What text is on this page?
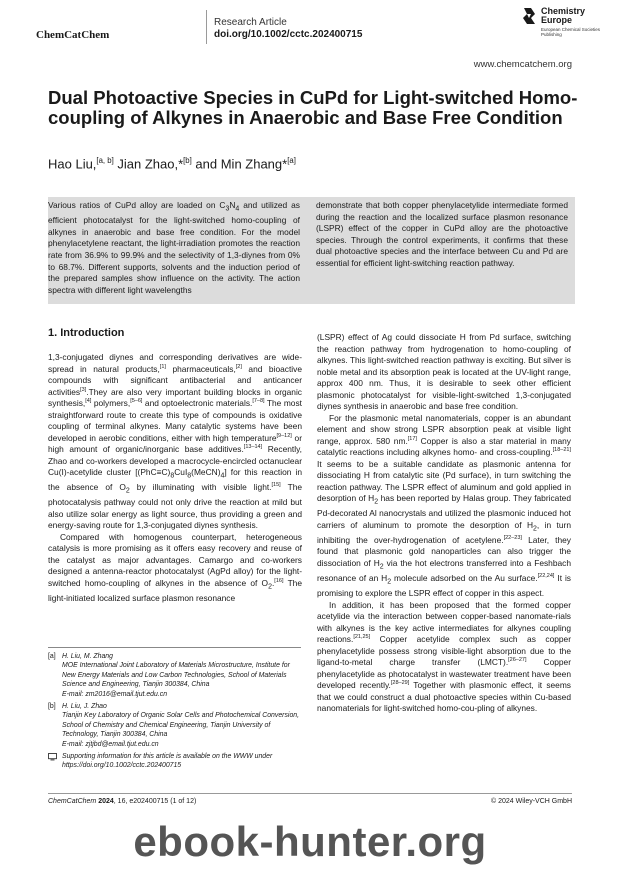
ChemCatChem
Research Article
doi.org/10.1002/cctc.202400715
Chemistry Europe
European Chemical Societies Publishing
www.chemcatchem.org
Dual Photoactive Species in CuPd for Light-switched Homo-coupling of Alkynes in Anaerobic and Base Free Condition
Hao Liu,[a, b] Jian Zhao,*[b] and Min Zhang*[a]
Various ratios of CuPd alloy are loaded on $C_3N_4$ and utilized as efficient photocatalyst for the light-switched homo-coupling of alkynes in anaerobic and base free condition. For the model phenylacetylene reactant, the light-irradiation promotes the reaction rate from 36.9% to 99.9% and the selectivity of 1,3-diynes from 0% to 68.7%. Different supports, solvents and the induction period of the prepared samples show influence on the activity. The action spectra with different light wavelengths
demonstrate that both copper phenylacetylide intermediate formed during the reaction and the localized surface plasmon resonance (LSPR) effect of the copper in CuPd alloy are the photoactive species. Through the control experiments, it confirms that these dual photoactive species and the interface between Cu and Pd are essential for efficient light-switching reaction pathway.
1. Introduction

1,3-conjugated diynes and corresponding derivatives are wide-spread in natural products,[1] pharmaceuticals,[2] and bioactive compounds with significant antibacterial and anticancer activities[3].They are also very important building blocks in organic synthesis,[4] polymers,[5–6] and optoelectronic materials.[7–8] The most straightforward route to create this type of compounds is oxidative coupling of terminal alkynes. Many catalytic systems have been developed in aerobic conditions, either with high temperature[9–12] or high amount of organic/inorganic base additives.[13–14] Recently, Zhao and co-workers developed a macrocycle-encircled octanuclear Cu(I)-acetylide cluster $[(PhC\equiv C)_8CuI_8(MeCN)_4]$ for this reaction in the absence of $O_2$ by illuminating with visible light.[15] The photocatalysis pathway could not only drive the reaction at mild but also utilize solar energy as light source, thus providing a green and energy-saving route for 1,3-conjugated diynes synthesis.

Compared with homogenous counterpart, heterogeneous catalysis is more promising as it offers easy recovery and reuse of the catalyst as major advantages. Camargo and co-workers designed a antenna-reactor photocatalyst (AgPd alloy) for the light-switched homo-coupling of alkynes in the absence of $O_2.[16]$ The light-initiated localized surface plasmon resonance

(LSPR) effect of Ag could dissociate H from Pd surface, switching the reaction pathway from hydrogenation to homo-coupling of alkynes. This light-switched reaction pathway is exciting. But silver is noble metal and its absorption peak is located at the UV-light range, approx 400 nm. Thus, it is desirable to seek other efficient plasmonic photocatalyst for visible-light-switched 1,3-conjugated diynes synthesis in anaerobic and base free condition.

For the plasmonic metal nanomaterials, copper is an abundant element and show strong LSPR absorption peak at visible light range, approx. 580 nm.[17] Copper is also a star material in many catalytic reactions including alkynes homo- and cross-coupling.[18–21] It seems to be a suitable candidate as plasmonic antenna for dissociating H from catalytic site (Pd surface), in turn switching the reaction pathway. The LSPR effect of aluminum and gold applied in desorption of $H_2$ has been reported by Halas group. They fabricated Pd-decorated Al nanocrystals and utilized the plasmonic induced hot carriers of aluminum to promote the desorption of $H_2$, in turn inhibiting the over-hydrogenation of acetylene.[22–23] Later, they found that plasmonic gold nanoparticles can also trigger the dissociation of $H_2$ via the hot electrons transferred into a Feshbach resonance of an $H_2$ molecule adsorbed on the Au surface.[22,24] It is promising to explore the LSPR effect of copper in this aspect.

In addition, it has been proposed that the formed copper acetylide via the interaction between copper-based nanomate-rials with alkynes is the key active intermediates for alkynes coupling reactions.[21,25] Copper acetylide complex such as copper phenylacetylide possess strong visible-light absorption due to the ligand-to-metal charge transfer (LMCT).[26–27] Copper phenylacetylide as photocatalyst in wastewater treatment have been developed recently.[28–29] Together with plasmonic effect, it seems that we could construct a dual photoactive species within Cu-based nanomaterials for light-switched homo-cou-pling of alkynes.

[a] H. Liu, M. Zhang
MOE International Joint Laboratory of Materials Microstructure, Institute for New Energy Materials and Low Carbon Technologies, School of Materials Science and Engineering, Tianjin 300384, China
E-mail: zm2016@email.tjut.edu.cn
[b] H. Liu, J. Zhao
Tianjin Key Laboratory of Organic Solar Cells and Photochemical Conversion, School of Chemistry and Chemical Engineering, Tianjin University of Technology, Tianjin 300384, China
E-mail: zjtjbd@email.tjut.edu.cn
Supporting information for this article is available on the WWW under https://doi.org/10.1002/cctc.202400715
ChemCatChem 2024, 16, e202400715 (1 of 12)	© 2024 Wiley-VCH GmbH
ebook-hunter.org
